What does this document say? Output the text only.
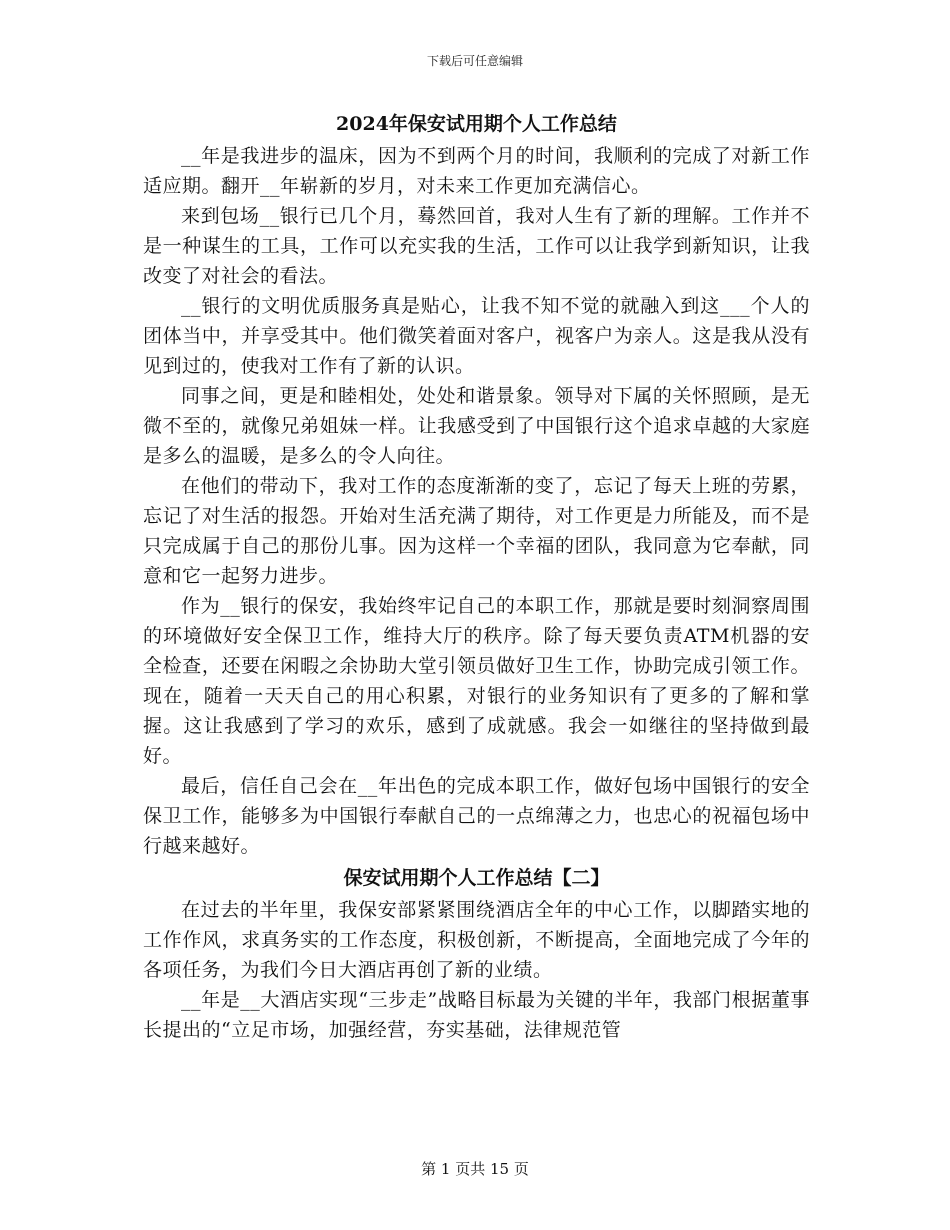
下载后可任意编辑
2024年保安试用期个人工作总结

__年是我进步的温床，因为不到两个月的时间，我顺利的完成了对新工作适应期。翻开__年崭新的岁月，对未来工作更加充满信心。

来到包场__银行已几个月，蓦然回首，我对人生有了新的理解。工作并不是一种谋生的工具，工作可以充实我的生活，工作可以让我学到新知识，让我改变了对社会的看法。

__银行的文明优质服务真是贴心，让我不知不觉的就融入到这___个人的团体当中，并享受其中。他们微笑着面对客户，视客户为亲人。这是我从没有见到过的，使我对工作有了新的认识。

同事之间，更是和睦相处，处处和谐景象。领导对下属的关怀照顾，是无微不至的，就像兄弟姐妹一样。让我感受到了中国银行这个追求卓越的大家庭是多么的温暖，是多么的令人向往。

在他们的带动下，我对工作的态度渐渐的变了，忘记了每天上班的劳累，忘记了对生活的报怨。开始对生活充满了期待，对工作更是力所能及，而不是只完成属于自己的那份儿事。因为这样一个幸福的团队，我同意为它奉献，同意和它一起努力进步。

作为__银行的保安，我始终牢记自己的本职工作，那就是要时刻洞察周围的环境做好安全保卫工作，维持大厅的秩序。除了每天要负责ATM机器的安全检查，还要在闲暇之余协助大堂引领员做好卫生工作，协助完成引领工作。现在，随着一天天自己的用心积累，对银行的业务知识有了更多的了解和掌握。这让我感到了学习的欢乐，感到了成就感。我会一如继往的坚持做到最好。

最后，信任自己会在__年出色的完成本职工作，做好包场中国银行的安全保卫工作，能够多为中国银行奉献自己的一点绵薄之力，也忠心的祝福包场中行越来越好。

保安试用期个人工作总结【二】

在过去的半年里，我保安部紧紧围绕酒店全年的中心工作，以脚踏实地的工作作风，求真务实的工作态度，积极创新，不断提高，全面地完成了今年的各项任务，为我们今日大酒店再创了新的业绩。

__年是__大酒店实现“三步走”战略目标最为关键的半年，我部门根据董事长提出的“立足市场，加强经营，夯实基础，法律规范管

第 1 页共 15 页
